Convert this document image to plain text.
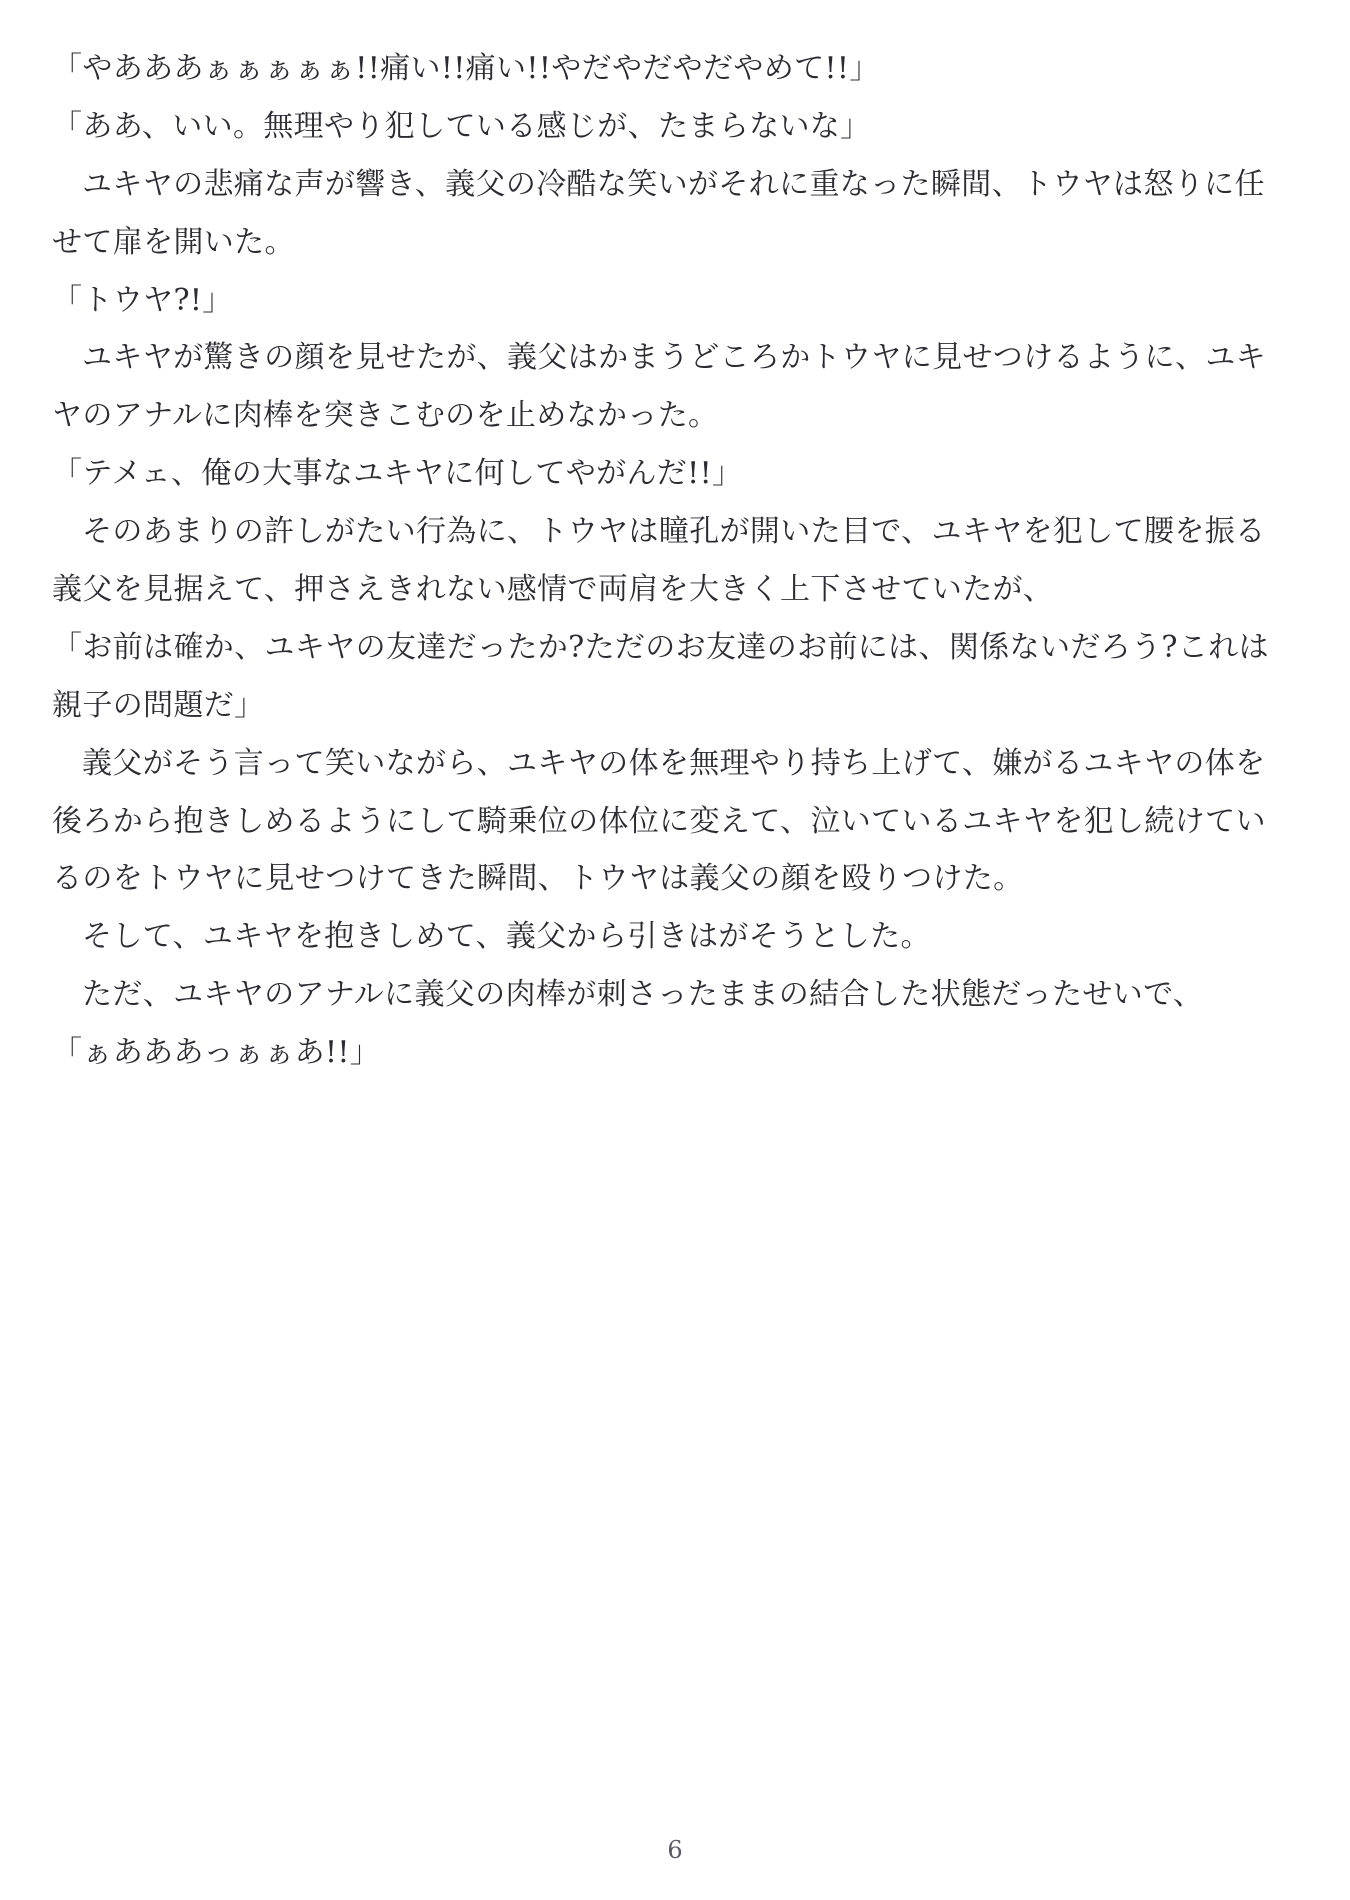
「やあああぁぁぁぁぁ!!痛い!!痛い!!やだやだやだやめて!!」

「ああ、いい。無理やり犯している感じが、たまらないな」

ユキヤの悲痛な声が響き、義父の冷酷な笑いがそれに重なった瞬間、トウヤは怒りに任せて扉を開いた。

「トウヤ?!」

ユキヤが驚きの顔を見せたが、義父はかまうどころかトウヤに見せつけるように、ユキヤのアナルに肉棒を突きこむのを止めなかった。

「テメェ、俺の大事なユキヤに何してやがんだ!!」

そのあまりの許しがたい行為に、トウヤは瞳孔が開いた目で、ユキヤを犯して腰を振る義父を見据えて、押さえきれない感情で両肩を大きく上下させていたが、

「お前は確か、ユキヤの友達だったか?ただのお友達のお前には、関係ないだろう?これは親子の問題だ」

義父がそう言って笑いながら、ユキヤの体を無理やり持ち上げて、嫌がるユキヤの体を後ろから抱きしめるようにして騎乗位の体位に変えて、泣いているユキヤを犯し続けているのをトウヤに見せつけてきた瞬間、トウヤは義父の顔を殴りつけた。

そして、ユキヤを抱きしめて、義父から引きはがそうとした。

ただ、ユキヤのアナルに義父の肉棒が刺さったままの結合した状態だったせいで、

「ぁあああっぁぁあ!!」

6
